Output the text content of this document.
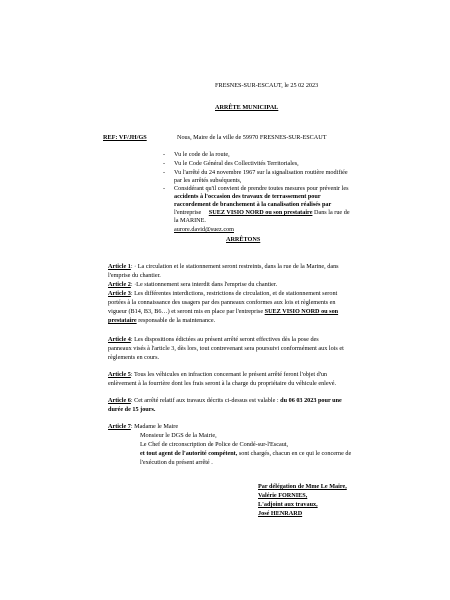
FRESNES-SUR-ESCAUT, le 25 02 2023
ARRÊTE MUNICIPAL
REF: VF/JH/GS	Nous, Maire de la ville de 59970 FRESNES-SUR-ESCAUT
- Vu le code de la route,
- Vu le Code Général des Collectivités Territoriales,
- Vu l'arrêté du 24 novembre 1967 sur la signalisation routière modifiée
par les arrêtés subséquents,
- Considérant qu'il convient de prendre toutes mesures pour prévenir les
accidents à l'occasion des travaux de terrassement pour
raccordement de branchement à la canalisation réalisés par
l'entreprise SUEZ VISIO NORD ou son prestataire Dans la rue de
la MARINE.
aurore.david@suez.com
ARRÊTONS
Article 1: · La circulation et le stationnement seront restreints, dans la rue de la Marine, dans
l'emprise du chantier.
Article 2: ·Le stationnement sera interdit dans l'emprise du chantier.
Article 3: Les différentes interdictions, restrictions de circulation, et de stationnement seront
portées à la connaissance des usagers par des panneaux conformes aux lois et règlements en
vigueur (B14, B3, B6…) et seront mis en place par l'entreprise SUEZ VISIO NORD ou son
prestataire responsable de la maintenance.
Article 4: Les dispositions édictées au présent arrêté seront effectives dès la pose des
panneaux visés à l'article 3, dès lors, tout contrevenant sera poursuivi conformément aux lois et
règlements en cours.
Article 5: Tous les véhicules en infraction concernant le présent arrêté feront l'objet d'un
enlèvement à la fourrière dont les frais seront à la charge du propriétaire du véhicule enlevé.
Article 6: Cet arrêté relatif aux travaux décrits ci-dessus est valable : du 06 03 2023 pour une
durée de 15 jours.
Article 7: Madame le Maire
Monsieur le DGS de la Mairie,
Le Chef de circonscription de Police de Condé-sur-l'Escaut,
et tout agent de l'autorité compétent, sont chargés, chacun en ce qui le concerne de
l'exécution du présent arrêté .
Par délégation de Mme Le Maire,
Valérie FORNIES,
L'adjoint aux travaux,
José HENRARD
